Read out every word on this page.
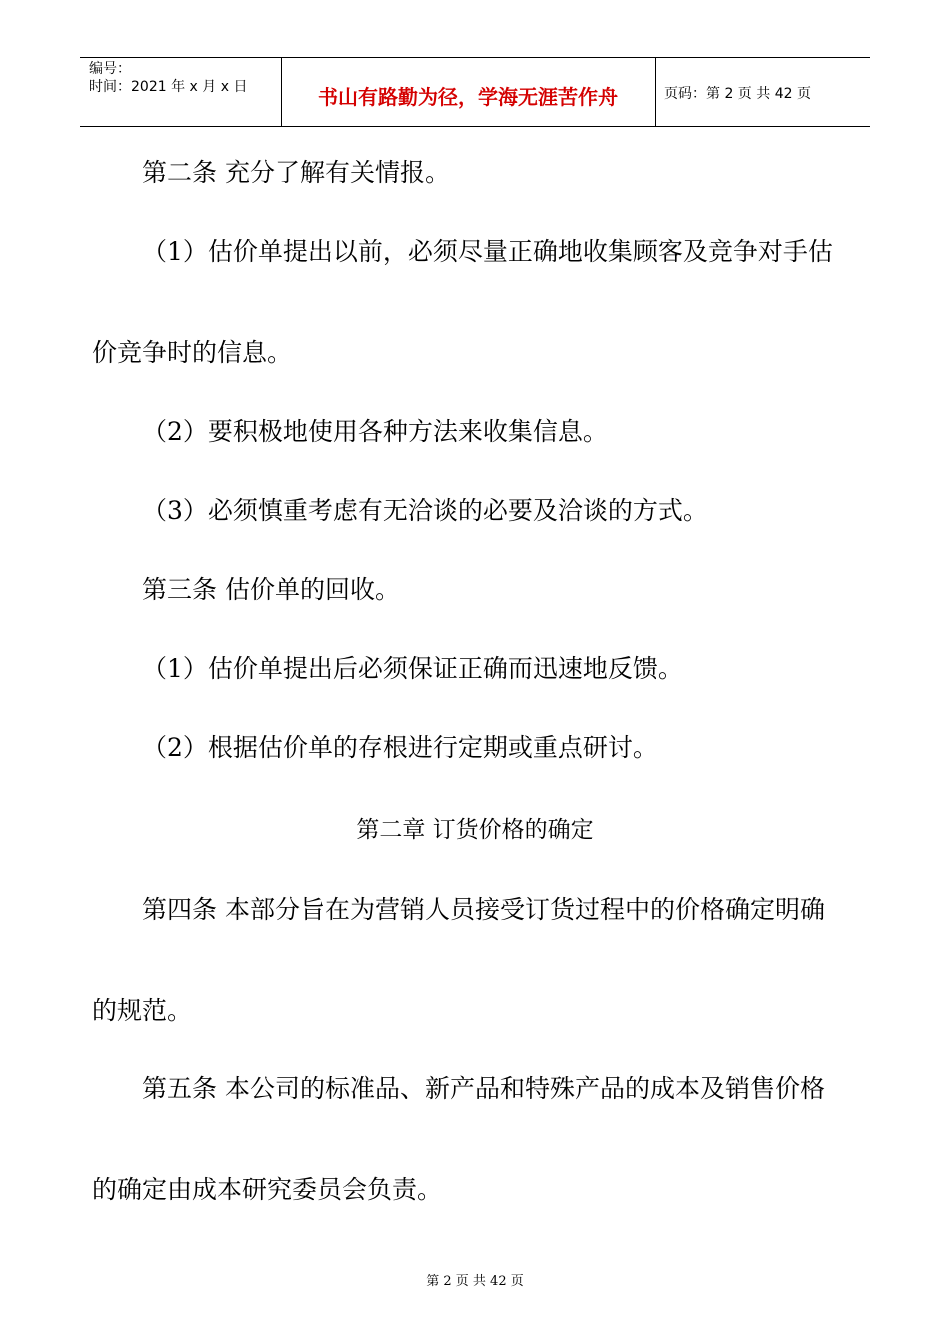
编号：
时间：2021 年 x 月 x 日	书山有路勤为径，学海无涯苦作舟	页码：第 2 页 共 42 页
第二条 充分了解有关情报。
（1）估价单提出以前，必须尽量正确地收集顾客及竞争对手估
价竞争时的信息。
（2）要积极地使用各种方法来收集信息。
（3）必须慎重考虑有无洽谈的必要及洽谈的方式。
第三条 估价单的回收。
（1）估价单提出后必须保证正确而迅速地反馈。
（2）根据估价单的存根进行定期或重点研讨。
第二章 订货价格的确定
第四条 本部分旨在为营销人员接受订货过程中的价格确定明确
的规范。
第五条 本公司的标准品、新产品和特殊产品的成本及销售价格
的确定由成本研究委员会负责。
第 2 页 共 42 页
